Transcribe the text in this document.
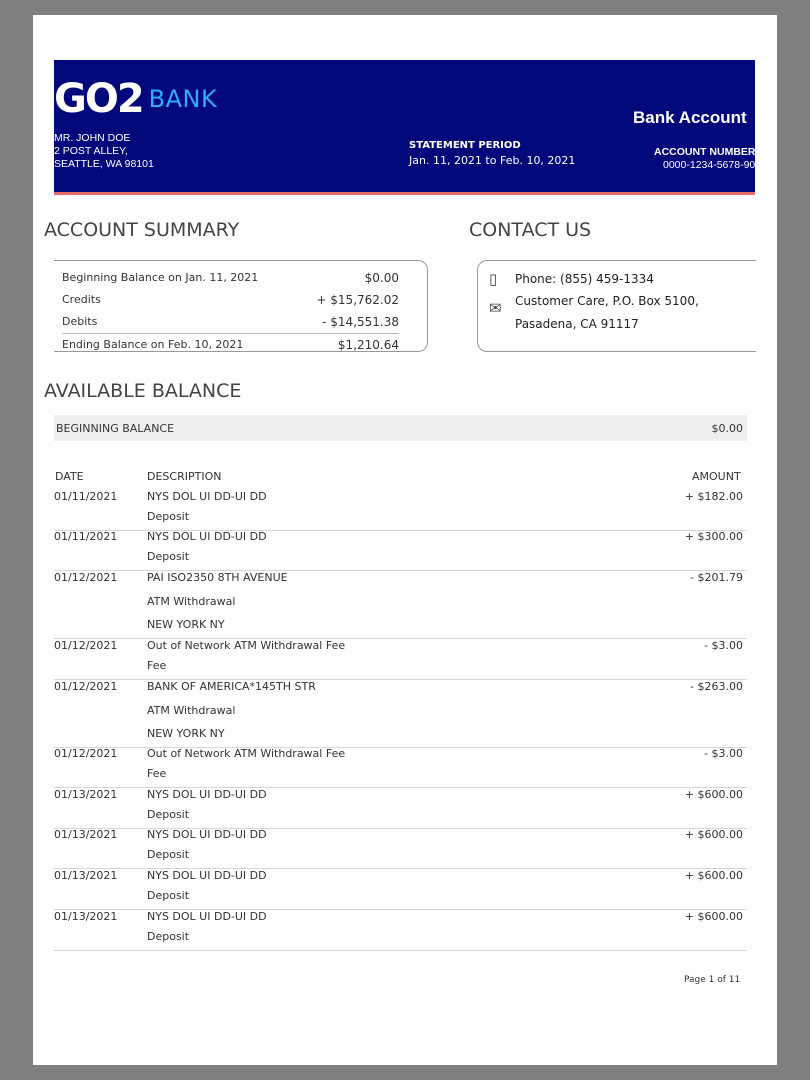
GO2 BANK
MR. JOHN DOE
2 POST ALLEY,
SEATTLE, WA 98101
STATEMENT PERIOD
Jan. 11, 2021 to Feb. 10, 2021
Bank Account
ACCOUNT NUMBER
0000-1234-5678-90
ACCOUNT SUMMARY	CONTACT US
Beginning Balance on Jan. 11, 2021	$0.00
Credits	+ $15,762.02
Debits	- $14,551.38
Ending Balance on Feb. 10, 2021	$1,210.64
▯ Phone: (855) 459-1334
✉ Customer Care, P.O. Box 5100,
Pasadena, CA 91117
AVAILABLE BALANCE
BEGINNING BALANCE	$0.00
DATE	DESCRIPTION	AMOUNT
01/11/2021	NYS DOL UI DD-UI DD	+ $182.00
Deposit
01/11/2021	NYS DOL UI DD-UI DD	+ $300.00
Deposit
01/12/2021	PAI ISO2350 8TH AVENUE	- $201.79
ATM Withdrawal
NEW YORK NY
01/12/2021	Out of Network ATM Withdrawal Fee	- $3.00
Fee
01/12/2021	BANK OF AMERICA*145TH STR	- $263.00
ATM Withdrawal
NEW YORK NY
01/12/2021	Out of Network ATM Withdrawal Fee	- $3.00
Fee
01/13/2021	NYS DOL UI DD-UI DD	+ $600.00
Deposit
01/13/2021	NYS DOL UI DD-UI DD	+ $600.00
Deposit
01/13/2021	NYS DOL UI DD-UI DD	+ $600.00
Deposit
01/13/2021	NYS DOL UI DD-UI DD	+ $600.00
Deposit
Page 1 of 11
